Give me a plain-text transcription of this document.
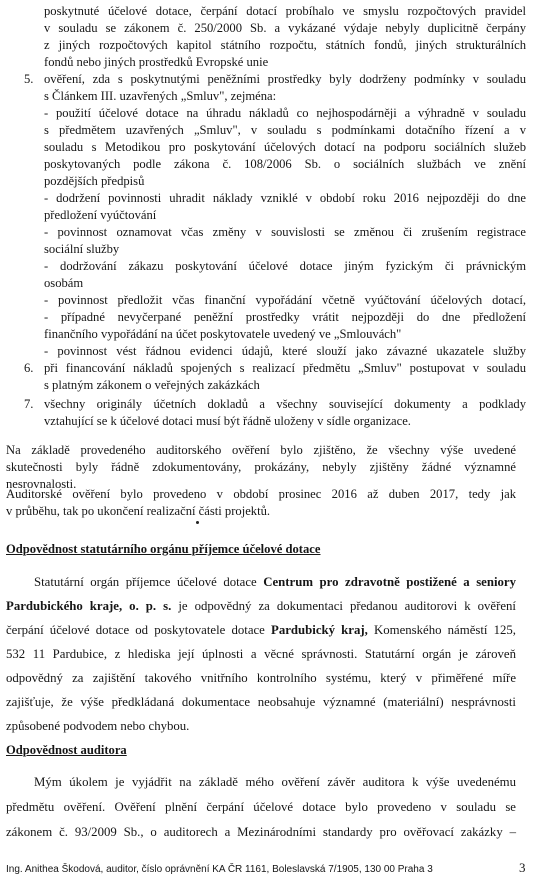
poskytnuté účelové dotace, čerpání dotací probíhalo ve smyslu rozpočtových pravidel
v souladu se zákonem č. 250/2000 Sb. a vykázané výdaje nebyly duplicitně čerpány
z jiných rozpočtových kapitol státního rozpočtu, státních fondů, jiných strukturálních
fondů nebo jiných prostředků Evropské unie
5. ověření, zda s poskytnutými peněžními prostředky byly dodrženy podmínky v souladu
s Článkem III. uzavřených „Smluv", zejména:
- použití účelové dotace na úhradu nákladů co nejhospodárněji a výhradně v souladu
s předmětem uzavřených „Smluv", v souladu s podmínkami dotačního řízení a v
souladu s Metodikou pro poskytování účelových dotací na podporu sociálních služeb
poskytovaných podle zákona č. 108/2006 Sb. o sociálních službách ve znění
pozdějších předpisů
- dodržení povinnosti uhradit náklady vzniklé v období roku 2016 nejpozději do dne
předložení vyúčtování
- povinnost oznamovat včas změny v souvislosti se změnou či zrušením registrace
sociální služby
- dodržování zákazu poskytování účelové dotace jiným fyzickým či právnickým
osobám
- povinnost předložit včas finanční vypořádání včetně vyúčtování účelových dotací,
- případné nevyčerpané peněžní prostředky vrátit nejpozději do dne předložení
finančního vypořádání na účet poskytovatele uvedený ve „Smlouvách"
- povinnost vést řádnou evidenci údajů, které slouží jako závazné ukazatele služby
6. při financování nákladů spojených s realizací předmětu „Smluv" postupovat v souladu
s platným zákonem o veřejných zakázkách
7. všechny originály účetních dokladů a všechny související dokumenty a podklady
vztahující se k účelové dotaci musí být řádně uloženy v sídle organizace.
Na základě provedeného auditorského ověření bylo zjištěno, že všechny výše uvedené
skutečnosti byly řádně zdokumentovány, prokázány, nebyly zjištěny žádné významné
nesrovnalosti.
Auditorské ověření bylo provedeno v období prosinec 2016 až duben 2017, tedy jak
v průběhu, tak po ukončení realizační části projektů.
Odpovědnost statutárního orgánu příjemce účelové dotace
Statutární orgán příjemce účelové dotace Centrum pro zdravotně postižené a seniory
Pardubického kraje, o. p. s. je odpovědný za dokumentaci předanou auditorovi k ověření
čerpání účelové dotace od poskytovatele dotace Pardubický kraj, Komenského náměstí 125,
532 11 Pardubice, z hlediska její úplnosti a věcné správnosti. Statutární orgán je zároveň
odpovědný za zajištění takového vnitřního kontrolního systému, který v přiměřené míře
zajišťuje, že výše předkládaná dokumentace neobsahuje významné (materiální) nesprávnosti
způsobené podvodem nebo chybou.
Odpovědnost auditora
Mým úkolem je vyjádřit na základě mého ověření závěr auditora k výše uvedenému
předmětu ověření. Ověření plnění čerpání účelové dotace bylo provedeno v souladu se
zákonem č. 93/2009 Sb., o auditorech a Mezinárodními standardy pro ověřovací zakázky –
Ing. Anithea Škodová, auditor, číslo oprávnění KA ČR 1161, Boleslavská 7/1905, 130 00 Praha 3	3
